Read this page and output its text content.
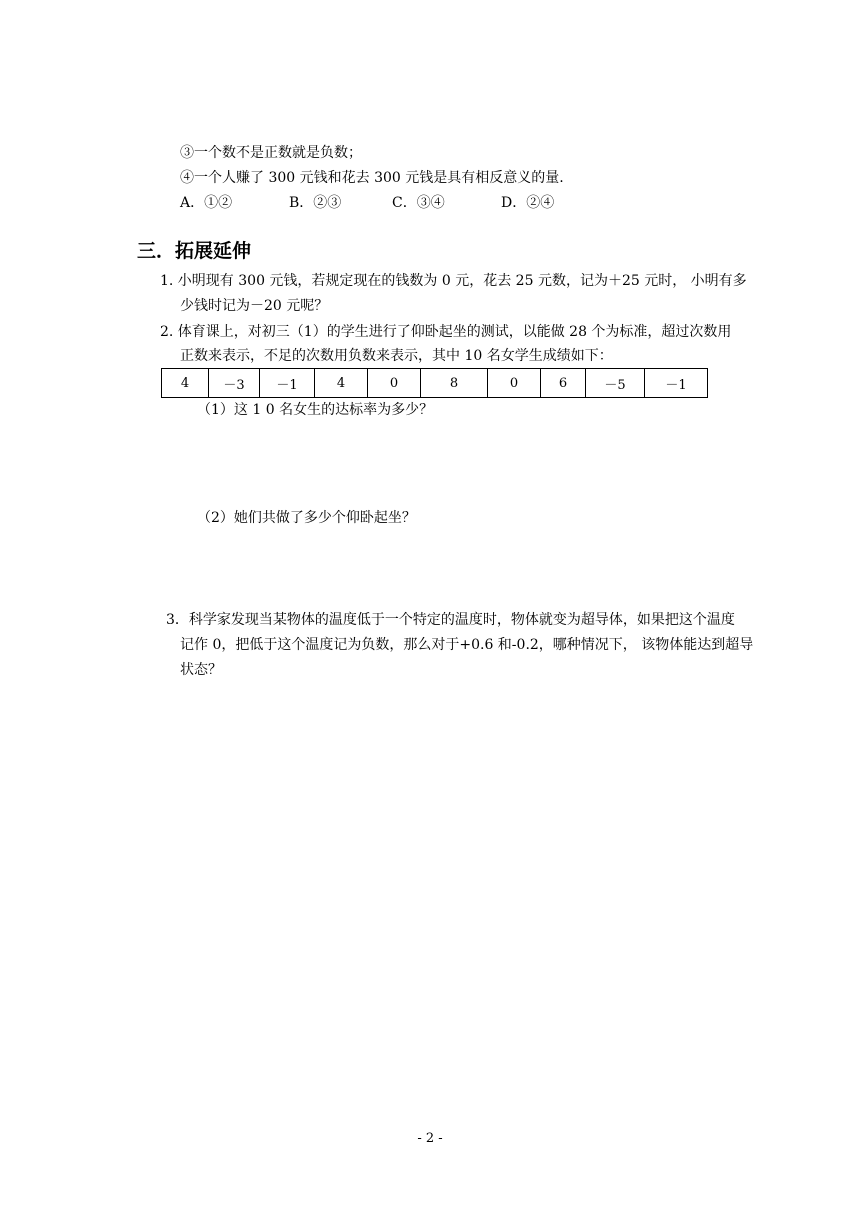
③一个数不是正数就是负数；
④一个人赚了 300 元钱和花去 300 元钱是具有相反意义的量.
A．①②	B．②③	C．③④	D．②④
三．拓展延伸
1. 小明现有 300 元钱，若规定现在的钱数为 0 元，花去 25 元数，记为＋25 元时， 小明有多
少钱时记为－20 元呢？
2. 体育课上，对初三（1）的学生进行了仰卧起坐的测试，以能做 28 个为标准，超过次数用
正数来表示，不足的次数用负数来表示，其中 10 名女学生成绩如下：
4	－3	－1	4	0	8	0	6	－5	－1
（1）这 1 0 名女生的达标率为多少？
（2）她们共做了多少个仰卧起坐？
3．科学家发现当某物体的温度低于一个特定的温度时，物体就变为超导体，如果把这个温度
记作 0，把低于这个温度记为负数，那么对于+0.6 和-0.2，哪种情况下， 该物体能达到超导
状态？
- 2 -
